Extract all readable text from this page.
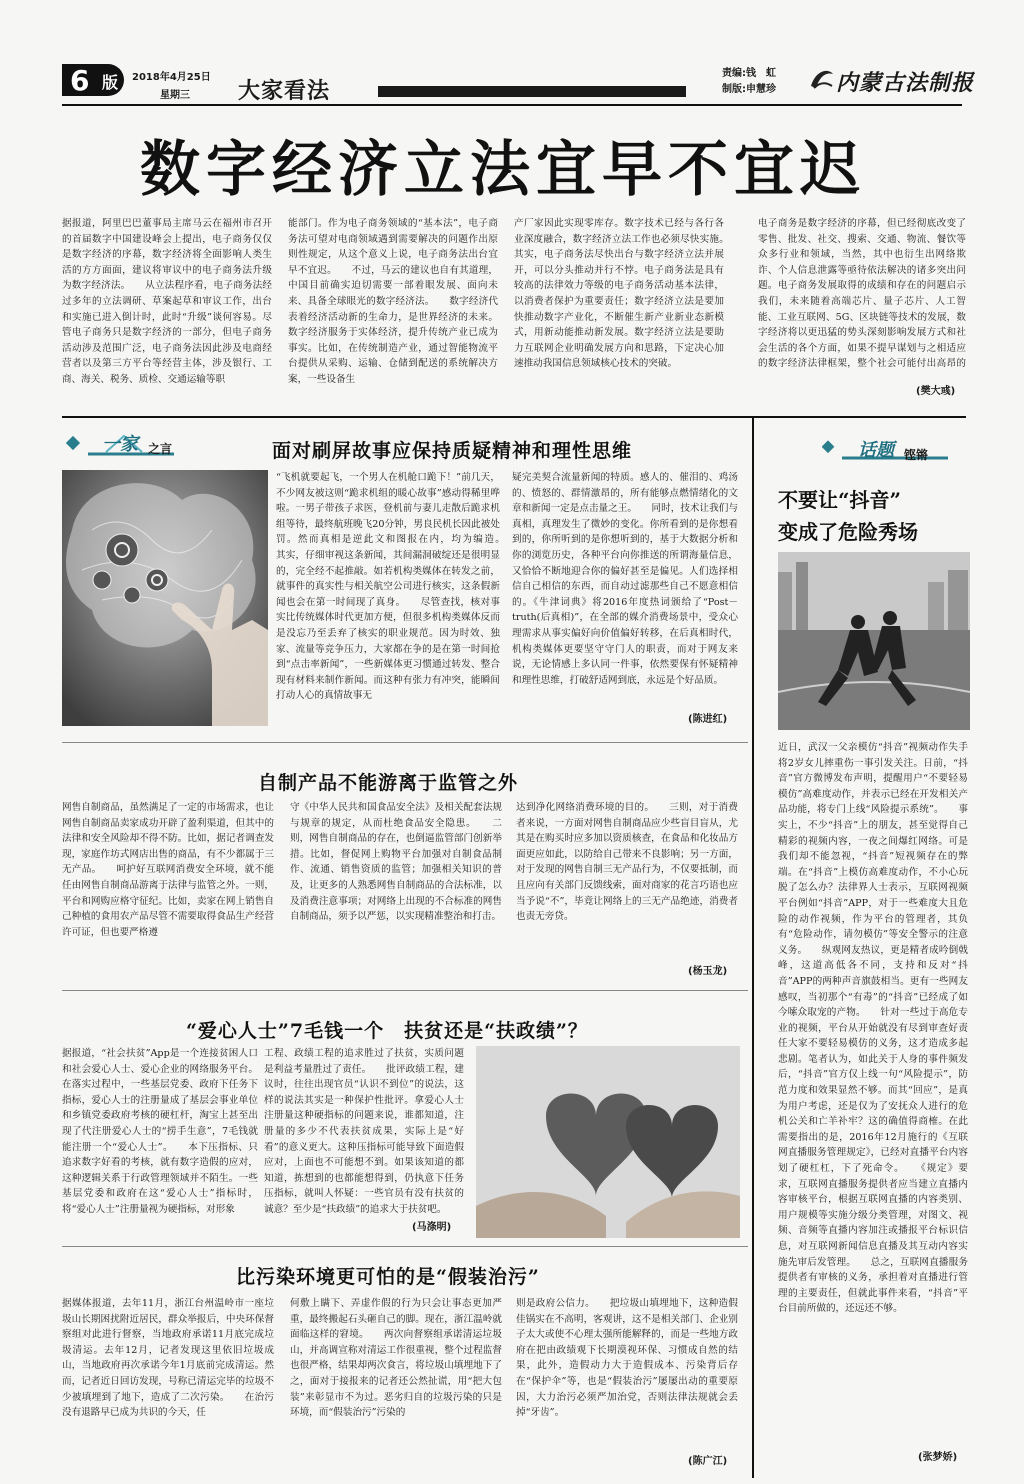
6 版 2018年4月25日
星期三 大家看法
责编:钱　虹
制版:申慧珍	内蒙古法制报
数字经济立法宜早不宜迟
据报道，阿里巴巴董事局主席马云在福州市召开的首届数字中国建设峰会上提出，电子商务仅仅是数字经济的序幕，数字经济将全面影响人类生活的方方面面，建议将审议中的电子商务法升级为数字经济法。　　从立法程序看，电子商务法经过多年的立法调研、草案起草和审议工作，出台和实施已进入倒计时，此时“升级”谈何容易。尽管电子商务只是数字经济的一部分，但电子商务活动涉及范围广泛，电子商务法因此涉及电商经营者以及第三方平台等经营主体，涉及银行、工商、海关、税务、质检、交通运输等职
能部门。作为电子商务领域的“基本法”，电子商务法可望对电商领域遇到需要解决的问题作出原则性规定，从这个意义上说，电子商务法出台宜早不宜迟。　　不过，马云的建议也自有其道理，中国目前确实迫切需要一部着眼发展、面向未来、具备全球眼光的数字经济法。　　数字经济代表着经济活动新的生命力，是世界经济的未来。数字经济服务于实体经济，提升传统产业已成为事实。比如，在传统制造产业，通过智能物流平台提供从采购、运输、仓储到配送的系统解决方案，一些设备生
产厂家因此实现零库存。数字技术已经与各行各业深度融合，数字经济立法工作也必须尽快实施。　　其实，电子商务法尽快出台与数字经济立法并展开，可以分头推动并行不悖。电子商务法是具有较高的法律效力等级的电子商务活动基本法律，以消费者保护为重要责任；数字经济立法是要加快推动数字产业化，不断催生新产业新业态新模式，用新动能推动新发展。数字经济立法是要助力互联网企业明确发展方向和思路，下定决心加速推动我国信息领域核心技术的突破。
电子商务是数字经济的序幕，但已经彻底改变了零售、批发、社交、搜索、交通、物流、餐饮等众多行业和领域，当然，其中也衍生出网络欺诈、个人信息泄露等亟待依法解决的诸多突出问题。电子商务发展取得的成绩和存在的问题启示我们，未来随着高端芯片、量子芯片、人工智能、工业互联网、5G、区块链等技术的发展，数字经济将以更迅猛的势头深刻影响发展方式和社会生活的各个方面，如果不提早谋划与之相适应的数字经济法律框架，整个社会可能付出高昂的
(樊大彧)
一家 之言	面对刷屏故事应保持质疑精神和理性思维
“飞机就要起飞，一个男人在机舱口跪下！”前几天，不少网友被这则“跪求机组的暖心故事”感动得稀里哗啦。一男子带孩子求医，登机前与妻儿走散后跪求机组等待，最终航班晚飞20分钟，男良民机长因此被处罚。然而真相是逆此文和图报在内，均为编造。　　其实，仔细审视这条新闻，其间漏洞破绽还是很明显的，完全经不起推敲。如若机构类媒体在转发之前，就事件的真实性与相关航空公司进行核实，这条假新闻也会在第一时间现了真身。　　尽管查找，核对事实比传统媒体时代更加方便，但很多机构类媒体反而是没忘乃至丢弃了核实的职业规范。因为时效、独家、流量等竞争压力，大家都在争的是在第一时间抢到“点击率新闻”，一些新媒体更习惯通过转发、整合现有材料来制作新闻。而这种有张力有冲突，能瞬间打动人心的真情故事无
疑完美契合流量新闻的特质。感人的、催泪的、鸡汤的、愤怒的、群情激昂的，所有能够点燃情绪化的文章和新闻一定是点击量之王。　　同时，技术让我们与真相，真理发生了微妙的变化。你所看到的是你想看到的，你所听到的是你想听到的，基于大数据分析和你的浏览历史，各种平台向你推送的所谓海量信息，又恰恰不断地迎合你的偏好甚至是偏见。人们选择相信自己相信的东西，而自动过滤那些自己不愿意相信的。《牛津词典》将2016年度热词颁给了“Post－truth(后真相)”，在全部的媒介消费场景中，受众心理需求从事实偏好向价值偏好转移，在后真相时代，机构类媒体更要坚守守门人的职责，而对于网友来说，无论情感上多认同一件事，依然要保有怀疑精神和理性思维，打破舒适网到底，永远是个好品质。
(陈进红)
话题 铿锵
不要让“抖音”
变成了危险秀场
近日，武汉一父亲模仿“抖音”视频动作失手将2岁女儿摔重伤一事引发关注。日前，“抖音”官方微博发布声明，提醒用户“不要轻易模仿”高难度动作，并表示已经在开发相关产品功能，将专门上线“风险提示系统”。　　事实上，不少“抖音”上的朋友，甚至觉得自己精彩的视频内容，一夜之间爆红网络。可是我们却不能忽视，“抖音”短视频存在的弊端。在“抖音”上模仿高难度动作，不小心玩脱了怎么办？法律界人士表示，互联网视频平台例如“抖音”APP，对于一些难度大且危险的动作视频，作为平台的管理者，其负有“危险动作，请勿模仿”等安全警示的注意义务。　　纵观网友热议，更是精者成吟倒戟峰，这道高低各不同，支持和反对“抖音”APP的两种声音旗鼓相当。更有一些网友感叹，当初那个“有毒”的“抖音”已经成了如今嗦众取宠的产物。　　针对一些过于高危专业的视频，平台从开始就没有尽到审查好责任大家不要轻易模仿的义务，这才造成多起悲剧。笔者认为，如此关于人身的事件频发后，“抖音”官方仅上线一句“风险提示”，防范力度和效果显然不够。而其“回应”，是真为用户考虑，还是仅为了安抚众人进行的危机公关和亡羊补牢？这的确值得商榷。在此需要指出的是，2016年12月施行的《互联网直播服务管理规定》，已经对直播平台内容划了硬杠杠，下了死命令。　　《规定》要求，互联网直播服务提供者应当建立直播内容审核平台，根据互联网直播的内容类别、用户规模等实施分级分类管理，对图文、视频、音频等直播内容加注或播报平台标识信息，对互联网新闻信息直播及其互动内容实施先审后发管理。　　总之，互联网直播服务提供者有审核的义务，承担着对直播进行管理的主要责任，但就此事件来看，“抖音”平台目前所做的，还远还不够。
(张梦娇)
自制产品不能游离于监管之外
网售自制商品，虽然满足了一定的市场需求，也让网售自制商品卖家成功开辟了盈利渠道，但其中的法律和安全风险却不得不防。比如，据记者调查发现，家庭作坊式网店出售的商品，有不少都属于三无产品。　　呵护好互联网消费安全环境，就不能任由网售自制商品游离于法律与监管之外。一则，平台和网购应格守征纪。比如，卖家在网上销售自己种植的食用农产品尽管不需要取得食品生产经营许可证，但也要严格遵
守《中华人民共和国食品安全法》及相关配套法规与规章的规定，从而杜绝食品安全隐患。　　二则，网售自制商品的存在，也倒逼监管部门创新举措。比如，督促网上购物平台加强对自制食品制作、流通、销售资质的监管；加强相关知识的普及，让更多的人熟悉网售自制商品的合法标准，以及消费注意事项；对网络上出现的不合标准的网售自制商品，须予以严惩，以实现精准整治和打击。
达到净化网络消费环境的目的。　　三则，对于消费者来说，一方面对网售自制商品应少些盲目盲从，尤其是在购买时应多加以资质核查，在食品和化妆品方面更应如此，以防给自己带来不良影响；另一方面，对于发现的网售自制三无产品行为，不仅要抵制，而且应向有关部门反馈线索，面对商家的花言巧语也应当予说“不”，毕竟让网络上的三无产品绝迹，消费者也责无旁贷。
(杨玉龙)
“爱心人士”7毛钱一个　扶贫还是“扶政绩”？
据报道，“社会扶贫”App是一个连接贫困人口和社会爱心人士、爱心企业的网络服务平台。在落实过程中，一些基层党委、政府下任务下指标，爱心人士的注册量成了基层会事业单位和乡镇党委政府考核的硬杠杆，淘宝上甚至出现了代注册爱心人士的“捞手生意”，7毛钱就能注册一个“爱心人士”。　　本下压指标、只追求数字好看的考核，就有数字造假的应对，这种逻辑关系于行政管理领域并不陌生。一些基层党委和政府在这“爱心人士”指标时，将“爱心人士”注册量视为硬指标，对形象
工程、政绩工程的追求胜过了扶贫，实质问题是利益考量胜过了责任。　　批评政绩工程，建议时，往往出现官员“认识不到位”的说法，这样的说法其实是一种保护性批评。拿爱心人士注册量这种硬指标的问题来说，谁都知道，注册量的多少不代表扶贫成果，实际上是“好看”的意义更大。这种压指标可能导致下面造假应对，上面也不可能想不到。如果该知道的都知道，拣想到的也都能想得到，仍执意下任务压指标，就叫人怀疑：一些官员有没有扶贫的诚意？至少是“扶政绩”的追求大于扶贫吧。
(马涤明)
比污染环境更可怕的是“假装治污”
据媒体报道，去年11月，浙江台州温岭市一座垃圾山长期困扰附近居民，群众举报后，中央环保督察组对此进行督察，当地政府承诺11月底完成垃圾清运。去年12月，记者发现这里依旧垃圾成山，当地政府再次承诺今年1月底前完成清运。然而，记者近日回访发现，号称已清运完毕的垃圾不少被填埋到了地下，造成了二次污染。　　在治污没有退路早已成为共识的今天，任
何敷上瞒下、弄虚作假的行为只会让事态更加严重，最终搬起石头砸自己的脚。现在，浙江温岭就面临这样的窘境。　　两次向督察组承诺清运垃圾山，并高调宣称对清运工作很重视，整个过程监督也很严格，结果却两次食言，将垃圾山填埋地下了之，面对于接报来的记者还公然扯谎，用“把大包装”来彰显市不为过。恶劣归自的垃圾污染的只是环境，而“假装治污”污染的
则是政府公信力。　　把垃圾山填埋地下，这种造假佳锅实在不高明，客观讲，这不是相关部门、企业别子太大或使不心理太强所能解释的，而是一些地方政府在把由政绩观下长期漠视环保、习惯成自然的结果，此外，造假动力大于造假成本、污染背后存在“保护伞”等，也是“假装治污”屡屡出动的重要原因，大力治污必须严加治党，否则法律法规就会丢掉“牙齿”。
(陈广江)
